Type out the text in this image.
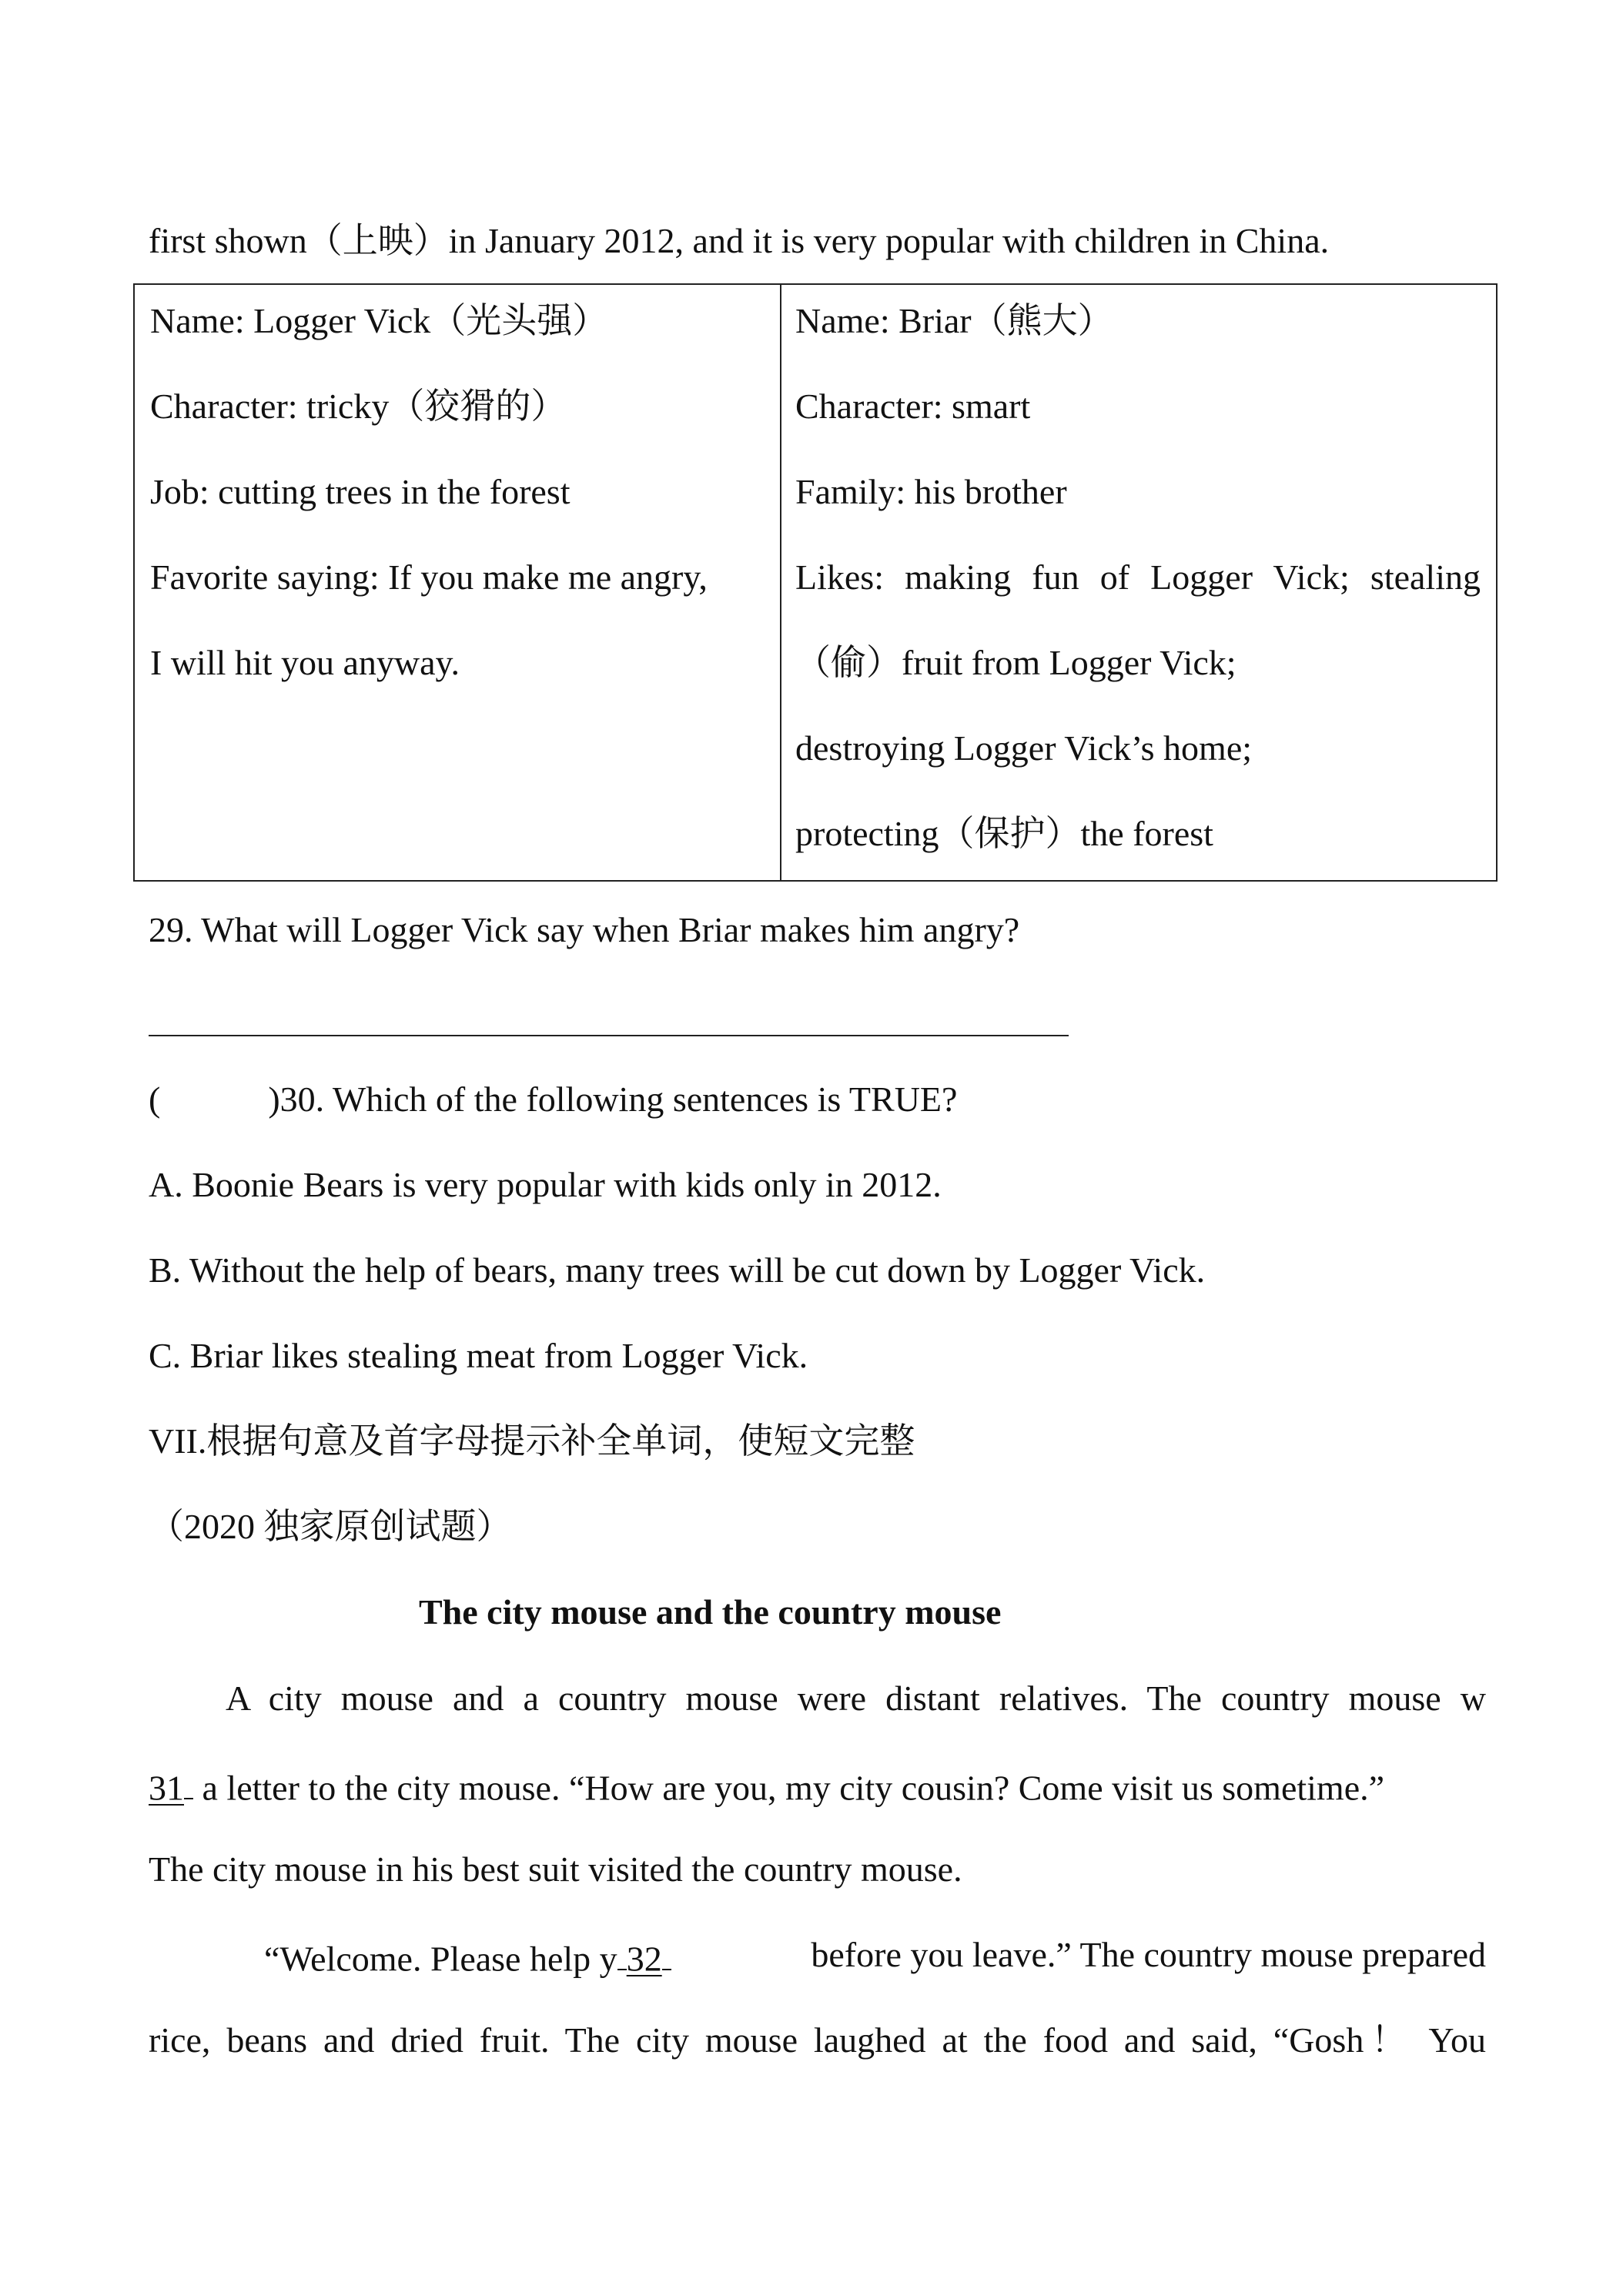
first shown（上映）in January 2012, and it is very popular with children in China.
Name: Logger Vick（光头强）
Character: tricky（狡猾的）
Job: cutting trees in the forest
Favorite saying: If you make me angry,
I will hit you anyway.
Name: Briar（熊大）
Character: smart
Family: his brother
Likes: making fun of Logger Vick; stealing
（偷）fruit from Logger Vick;
destroying Logger Vick’s home;
protecting（保护）the forest
29. What will Logger Vick say when Briar makes him angry?
(	)30. Which of the following sentences is TRUE?
A. Boonie Bears is very popular with kids only in 2012.
B. Without the help of bears, many trees will be cut down by Logger Vick.
C. Briar likes stealing meat from Logger Vick.
VII.根据句意及首字母提示补全单词，使短文完整
（2020 独家原创试题）
The city mouse and the country mouse
A city mouse and a country mouse were distant relatives. The country mouse w
31 a letter to the city mouse. “How are you, my city cousin? Come visit us sometime.”
The city mouse in his best suit visited the country mouse.
“Welcome. Please help y 32	before you leave.” The country mouse prepared
rice, beans and dried fruit. The city mouse laughed at the food and said, “Gosh！ You
